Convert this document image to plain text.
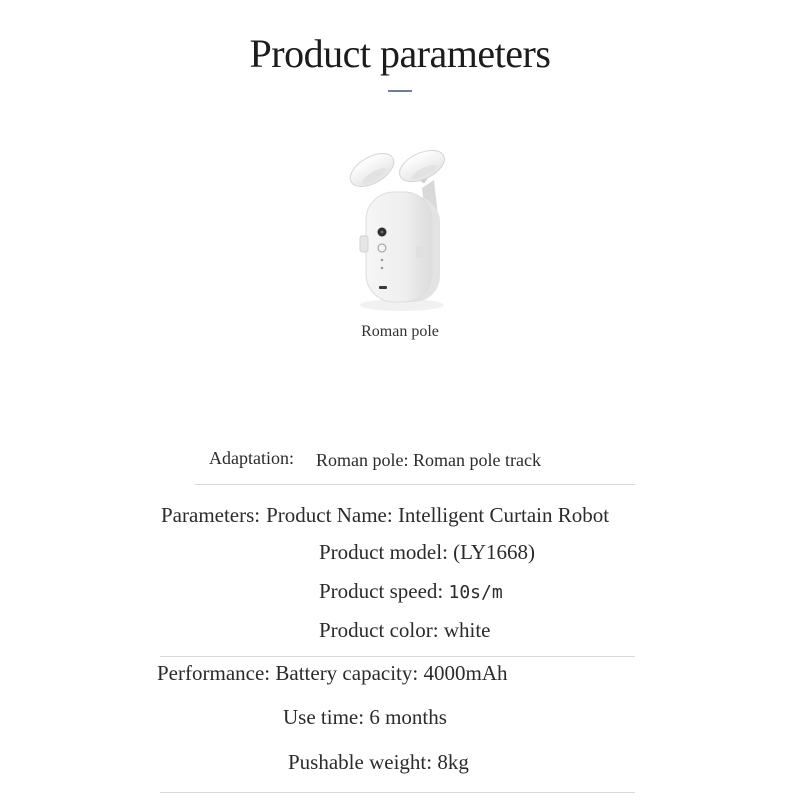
Product parameters
Roman pole
Adaptation: Roman pole: Roman pole track
Parameters: Product Name: Intelligent Curtain Robot
Product model: (LY1668)
Product speed: 10s/m
Product color: white
Performance: Battery capacity: 4000mAh
Use time: 6 months
Pushable weight: 8kg
